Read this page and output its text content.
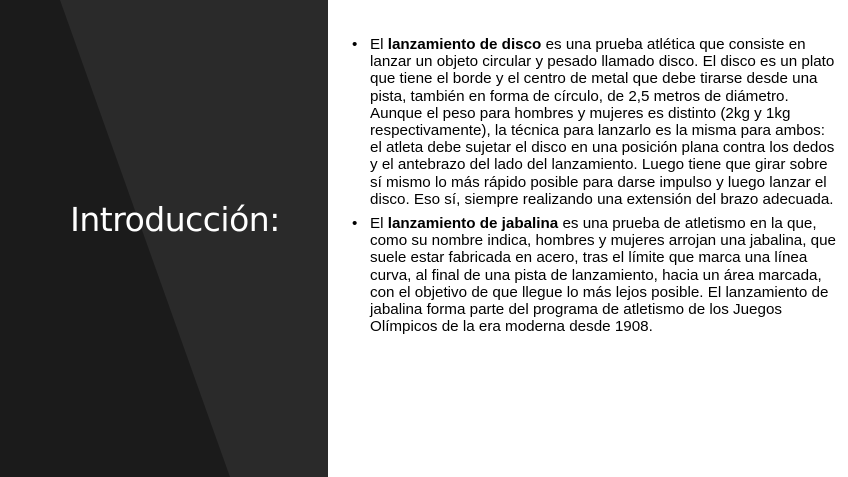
Introducción:
• El lanzamiento de disco es una prueba atlética que consiste en lanzar un objeto circular y pesado llamado disco. El disco es un plato que tiene el borde y el centro de metal que debe tirarse desde una pista, también en forma de círculo, de 2,5 metros de diámetro. Aunque el peso para hombres y mujeres es distinto (2kg y 1kg respectivamente), la técnica para lanzarlo es la misma para ambos: el atleta debe sujetar el disco en una posición plana contra los dedos y el antebrazo del lado del lanzamiento. Luego tiene que girar sobre sí mismo lo más rápido posible para darse impulso y luego lanzar el disco. Eso sí, siempre realizando una extensión del brazo adecuada.
• El lanzamiento de jabalina es una prueba de atletismo en la que, como su nombre indica, hombres y mujeres arrojan una jabalina, que suele estar fabricada en acero, tras el límite que marca una línea curva, al final de una pista de lanzamiento, hacia un área marcada, con el objetivo de que llegue lo más lejos posible. El lanzamiento de jabalina forma parte del programa de atletismo de los Juegos Olímpicos de la era moderna desde 1908.
